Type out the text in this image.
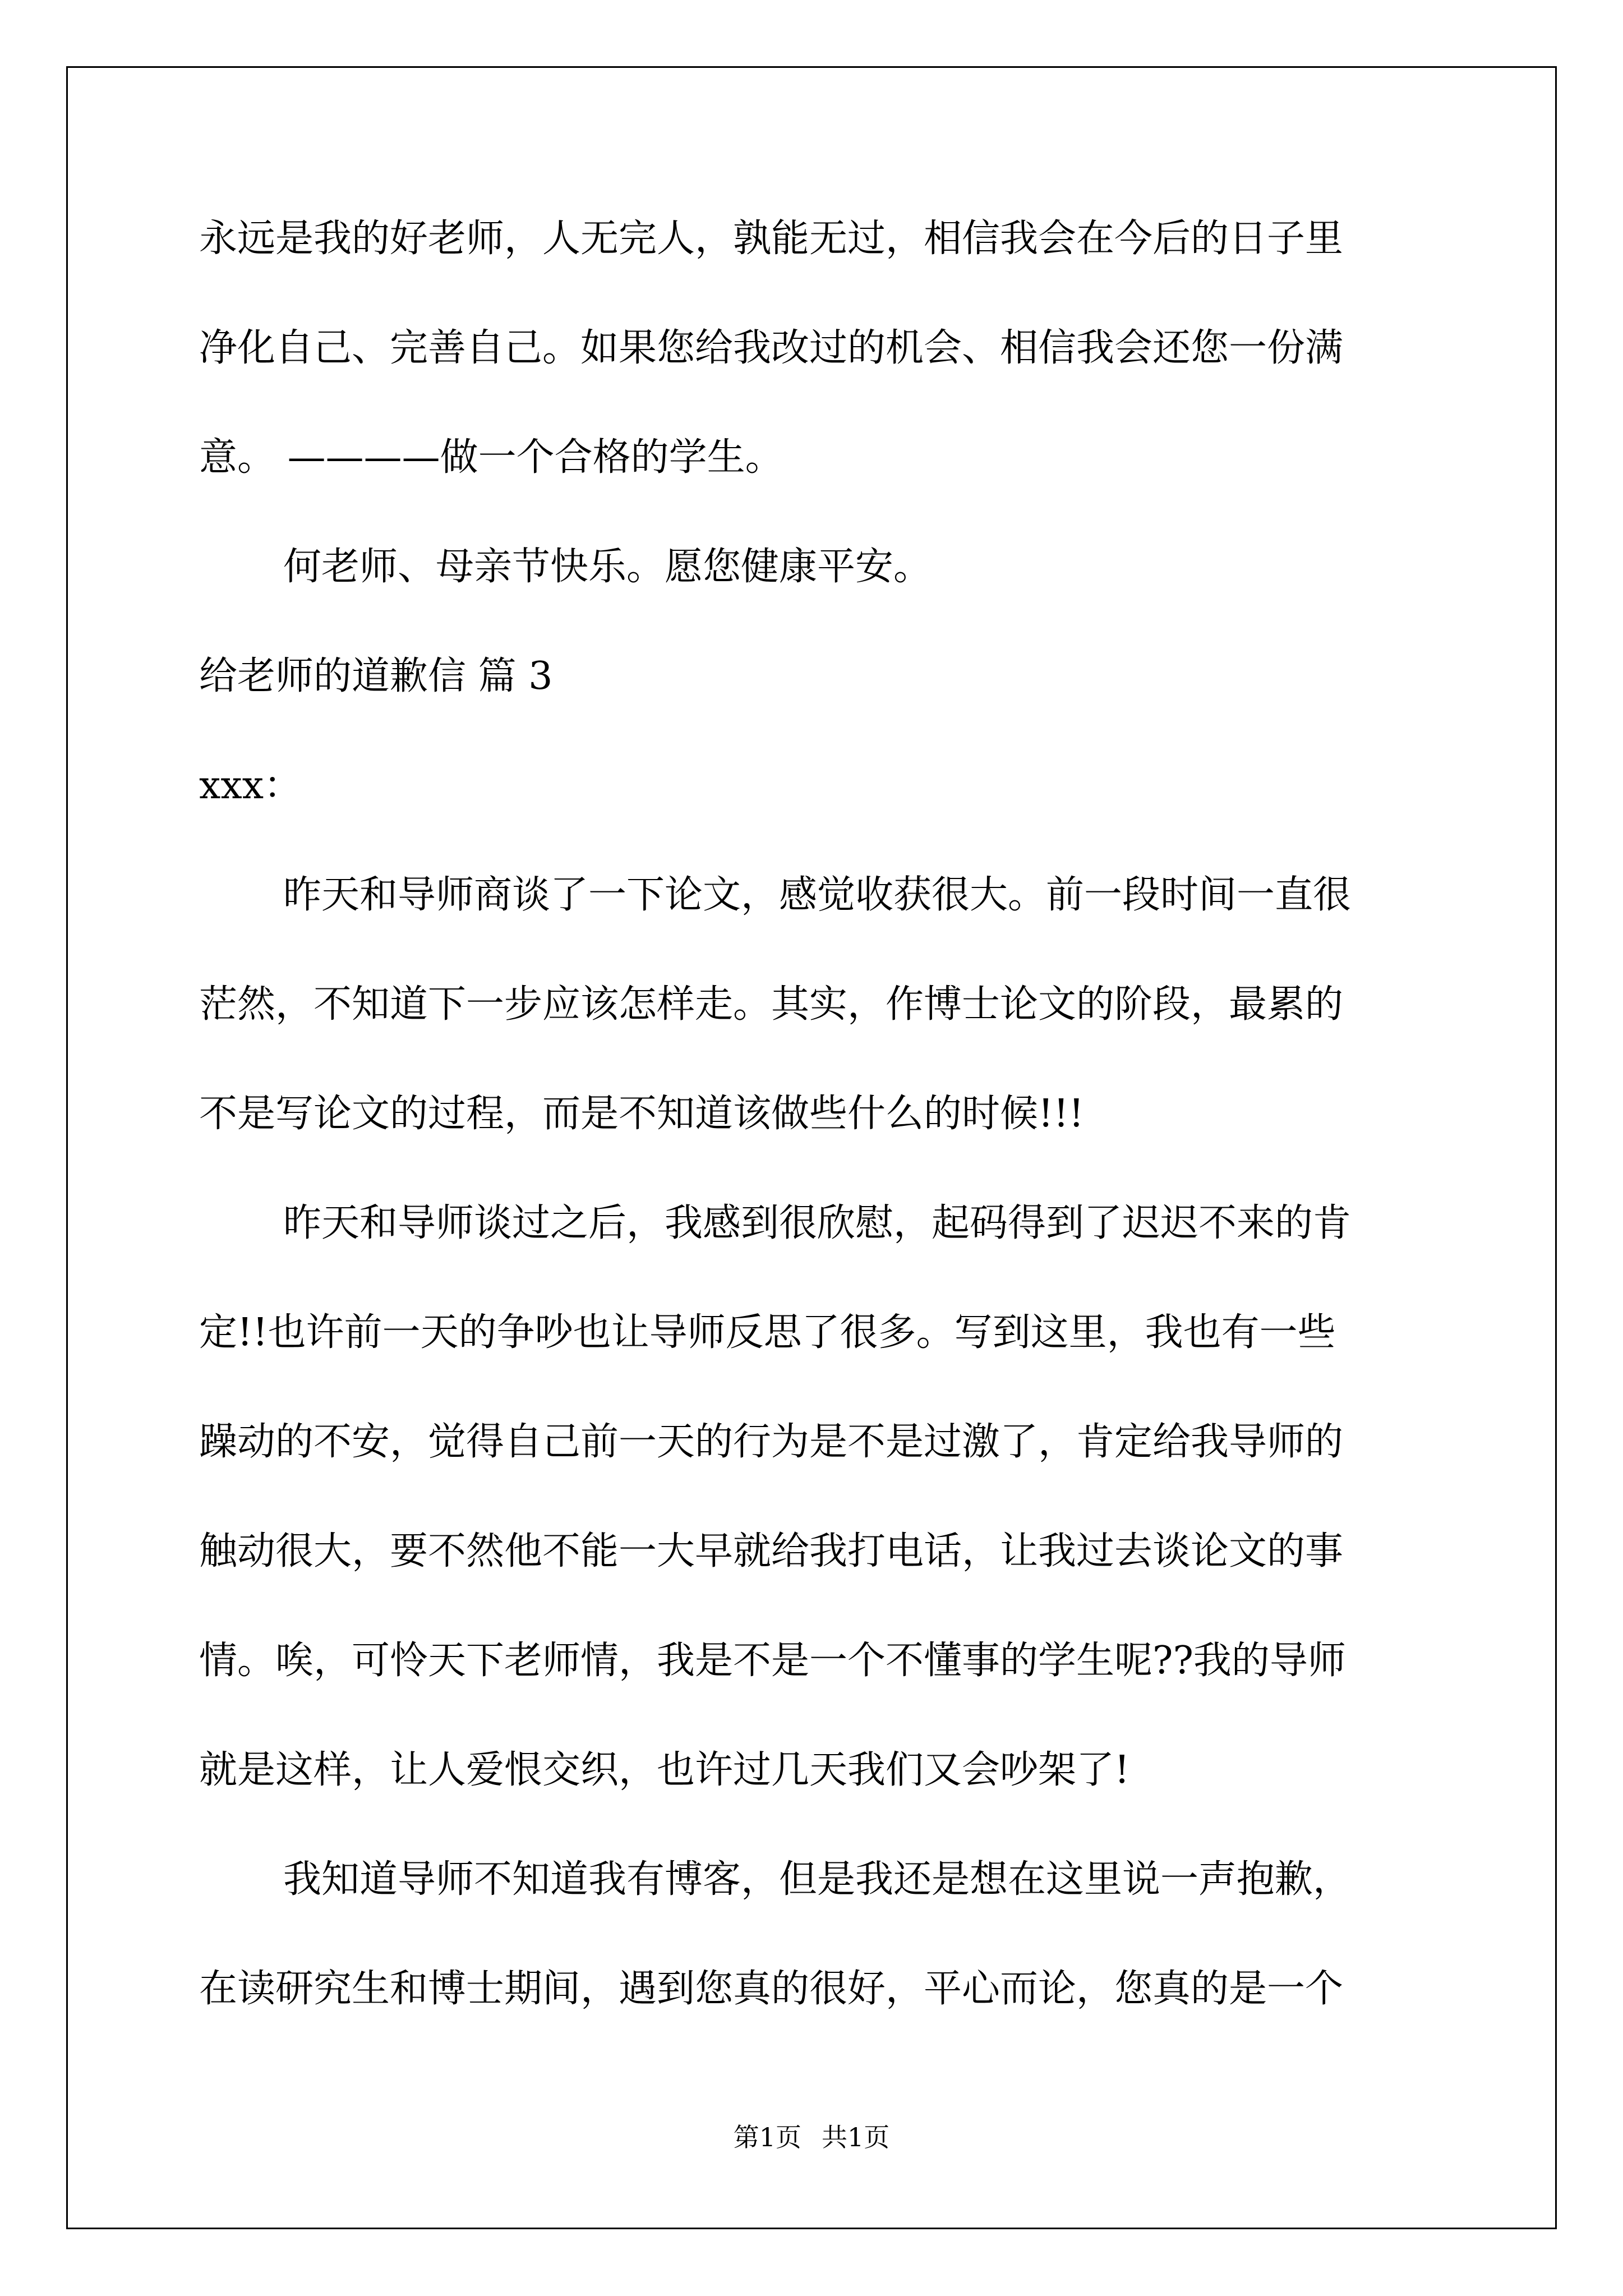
永远是我的好老师，人无完人，孰能无过，相信我会在今后的日子里
净化自己、完善自己。如果您给我改过的机会、相信我会还您一份满
意。 ————做一个合格的学生。
何老师、母亲节快乐。愿您健康平安。
给老师的道歉信 篇 3
xxx：
昨天和导师商谈了一下论文，感觉收获很大。前一段时间一直很
茫然，不知道下一步应该怎样走。其实，作博士论文的阶段，最累的
不是写论文的过程，而是不知道该做些什么的时候!!!
昨天和导师谈过之后，我感到很欣慰，起码得到了迟迟不来的肯
定!!也许前一天的争吵也让导师反思了很多。写到这里，我也有一些
躁动的不安，觉得自己前一天的行为是不是过激了，肯定给我导师的
触动很大，要不然他不能一大早就给我打电话，让我过去谈论文的事
情。唉，可怜天下老师情，我是不是一个不懂事的学生呢??我的导师
就是这样，让人爱恨交织，也许过几天我们又会吵架了!
我知道导师不知道我有博客，但是我还是想在这里说一声抱歉，
在读研究生和博士期间，遇到您真的很好，平心而论，您真的是一个
第1页 共1页
